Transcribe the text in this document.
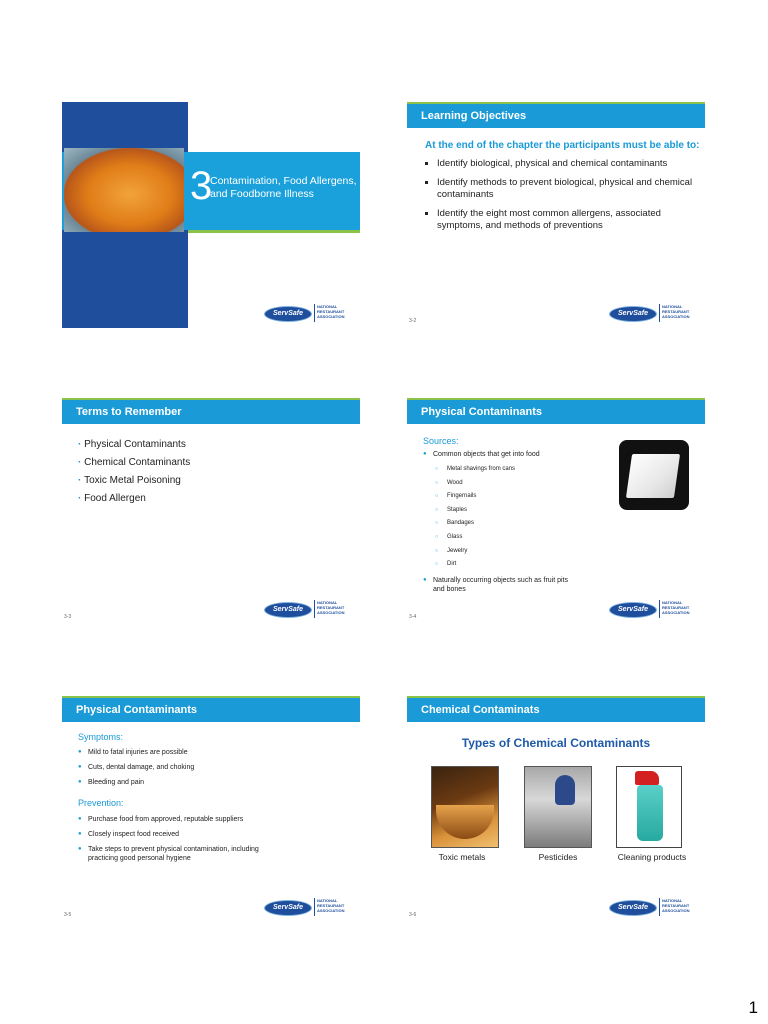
3
Contamination, Food Allergens,
and Foodborne Illness
ServSafe
NATIONAL
RESTAURANT
ASSOCIATION
Learning Objectives
At the end of the chapter the participants must be able to:
▪ Identify biological, physical and chemical contaminants
▪ Identify methods to prevent biological, physical and chemical contaminants
▪ Identify the eight most common allergens, associated symptoms, and methods of preventions
3-2
ServSafe
NATIONAL
RESTAURANT
ASSOCIATION
Terms to Remember
· Physical Contaminants
· Chemical Contaminants
· Toxic Metal Poisoning
· Food Allergen
3-3
ServSafe
NATIONAL
RESTAURANT
ASSOCIATION
Physical Contaminants
Sources:
● Common objects that get into food
○ Metal shavings from cans
○ Wood
○ Fingernails
○ Staples
○ Bandages
○ Glass
○ Jewelry
○ Dirt
● Naturally occurring objects such as fruit pits
and bones
3-4
ServSafe
NATIONAL
RESTAURANT
ASSOCIATION
Physical Contaminants
Symptoms:
● Mild to fatal injuries are possible
● Cuts, dental damage, and choking
● Bleeding and pain
Prevention:
● Purchase food from approved, reputable suppliers
● Closely inspect food received
● Take steps to prevent physical contamination, including practicing good personal hygiene
3-5
ServSafe
NATIONAL
RESTAURANT
ASSOCIATION
Chemical Contaminats
Types of Chemical Contaminants
Toxic metals	Pesticides	Cleaning products
3-6
ServSafe
NATIONAL
RESTAURANT
ASSOCIATION
1
